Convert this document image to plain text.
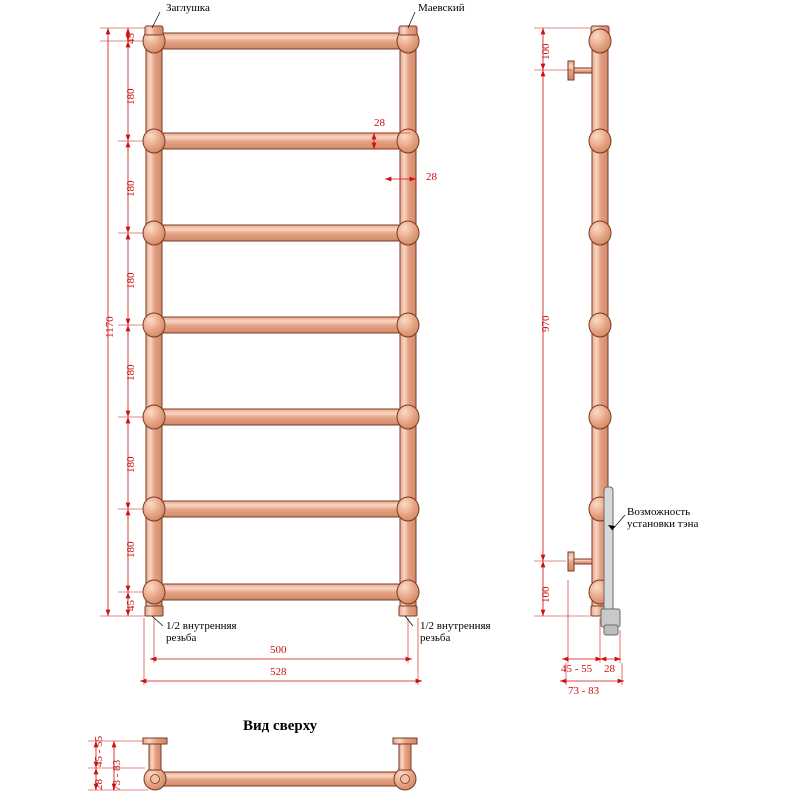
Заглушка	Маевский
1/2 внутренняя
резьба
1/2 внутренняя
резьба
Возможность
установки тэна
1170
45
180
180
180
180
180
180
45
28
28
500
528
100
970
100
45 - 55 28
73 - 83
Вид сверху
45 - 55
73 - 83
28
